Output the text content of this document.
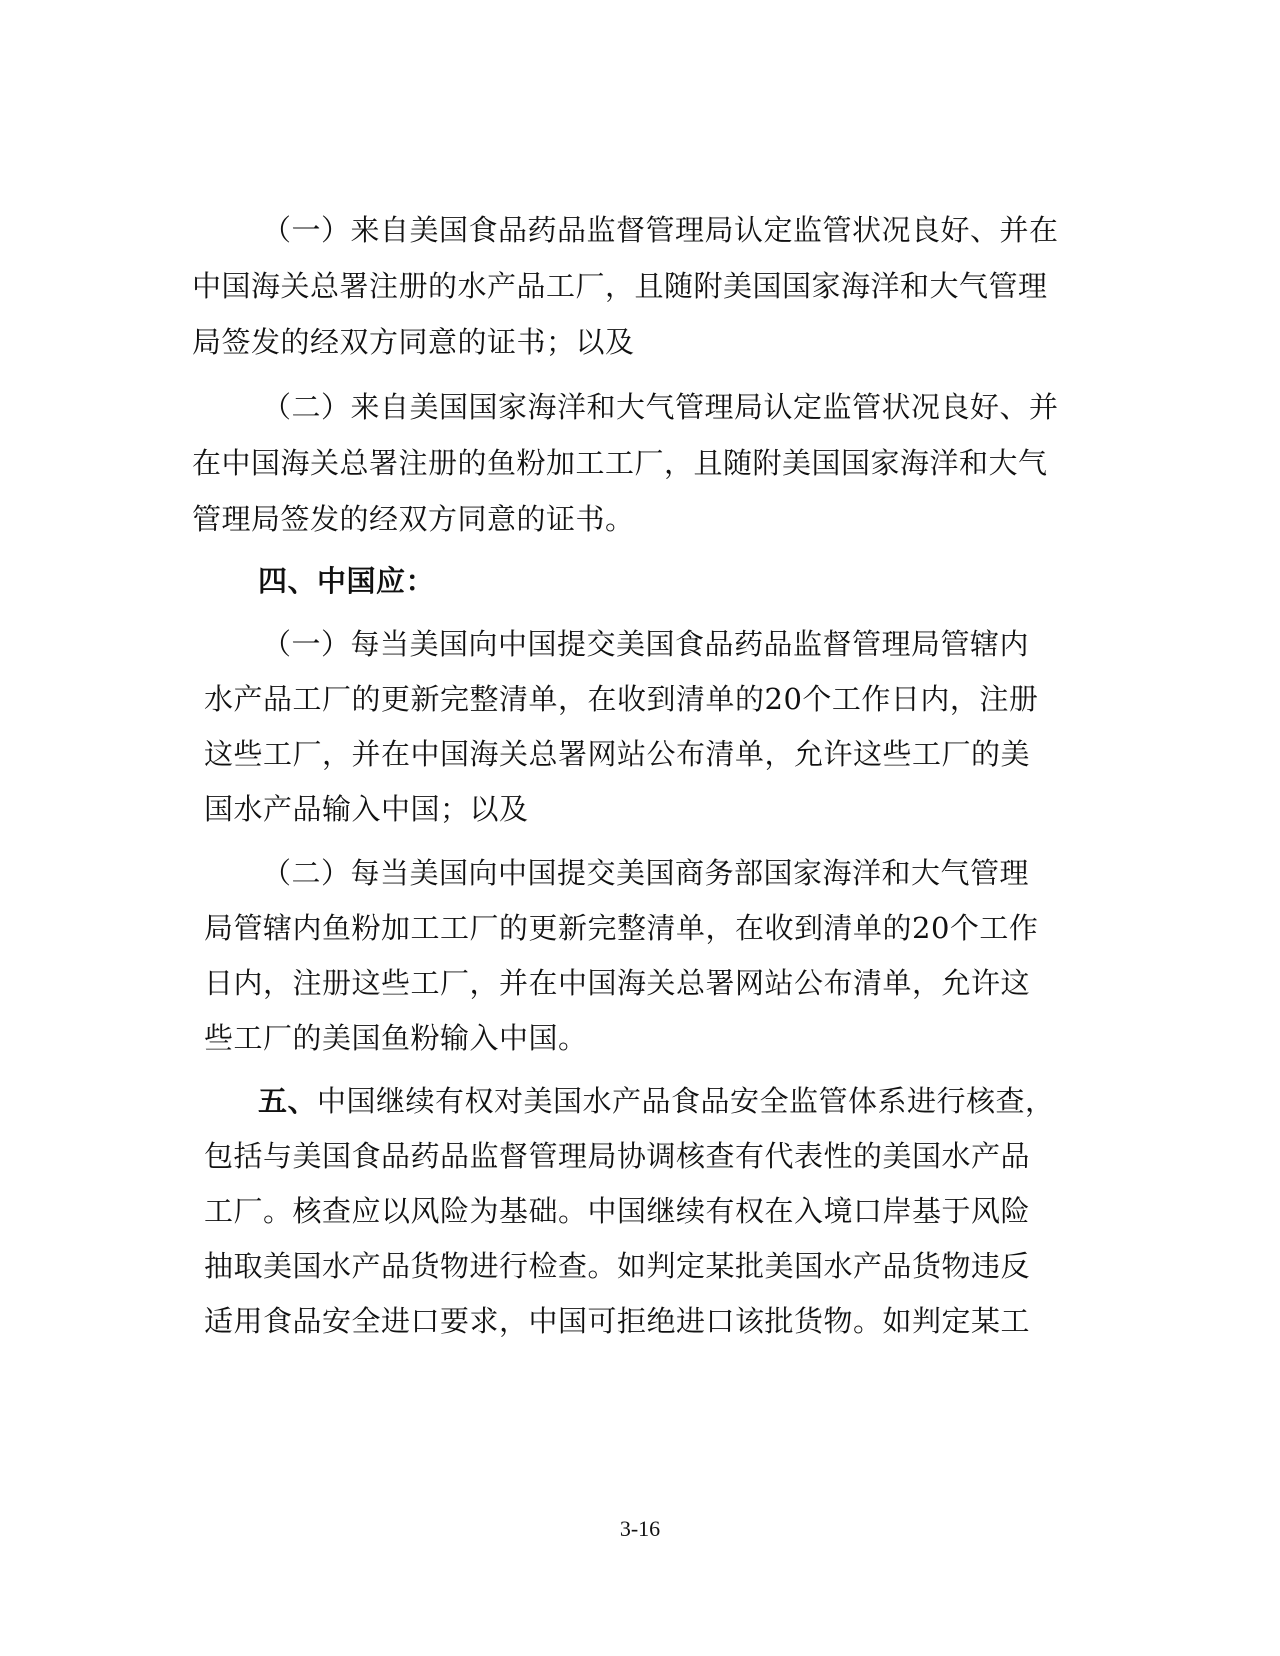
（一）来自美国食品药品监督管理局认定监管状况良好、并在

中国海关总署注册的水产品工厂，且随附美国国家海洋和大气管理

局签发的经双方同意的证书；以及

（二）来自美国国家海洋和大气管理局认定监管状况良好、并

在中国海关总署注册的鱼粉加工工厂，且随附美国国家海洋和大气

管理局签发的经双方同意的证书。

四、中国应：

（一）每当美国向中国提交美国食品药品监督管理局管辖内

水产品工厂的更新完整清单，在收到清单的20个工作日内，注册

这些工厂，并在中国海关总署网站公布清单，允许这些工厂的美

国水产品输入中国；以及

（二）每当美国向中国提交美国商务部国家海洋和大气管理

局管辖内鱼粉加工工厂的更新完整清单，在收到清单的20个工作

日内，注册这些工厂，并在中国海关总署网站公布清单，允许这

些工厂的美国鱼粉输入中国。

五、中国继续有权对美国水产品食品安全监管体系进行核查，

包括与美国食品药品监督管理局协调核查有代表性的美国水产品

工厂。核查应以风险为基础。中国继续有权在入境口岸基于风险

抽取美国水产品货物进行检查。如判定某批美国水产品货物违反

适用食品安全进口要求，中国可拒绝进口该批货物。如判定某工

3-16
